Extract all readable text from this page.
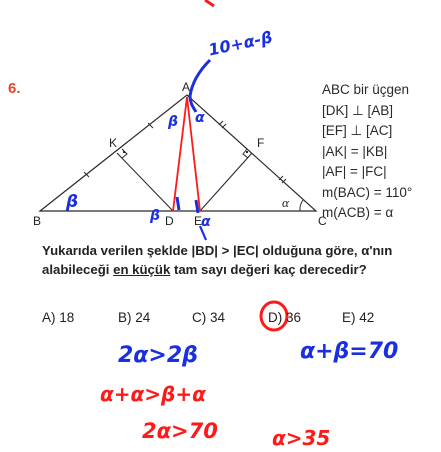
A
B	C
D E
K	F
α
6.	ABC bir üçgen
[DK] ⊥ [AB]
[EF] ⊥ [AC]
|AK| = |KB|
|AF| = |FC|
m(BAC) = 110°
m(ACB) = α
Yukarıda verilen şeklde |BD| > |EC| olduğuna göre, α'nın alabileceği en küçük tam sayı değeri kaç derecedir?
A) 18	B) 24	C) 34	D) 36	E) 42
10+α-β
β
β
β
α
α
2α>2β	α+β=70
α+α>β+α
2α>70	α>35
